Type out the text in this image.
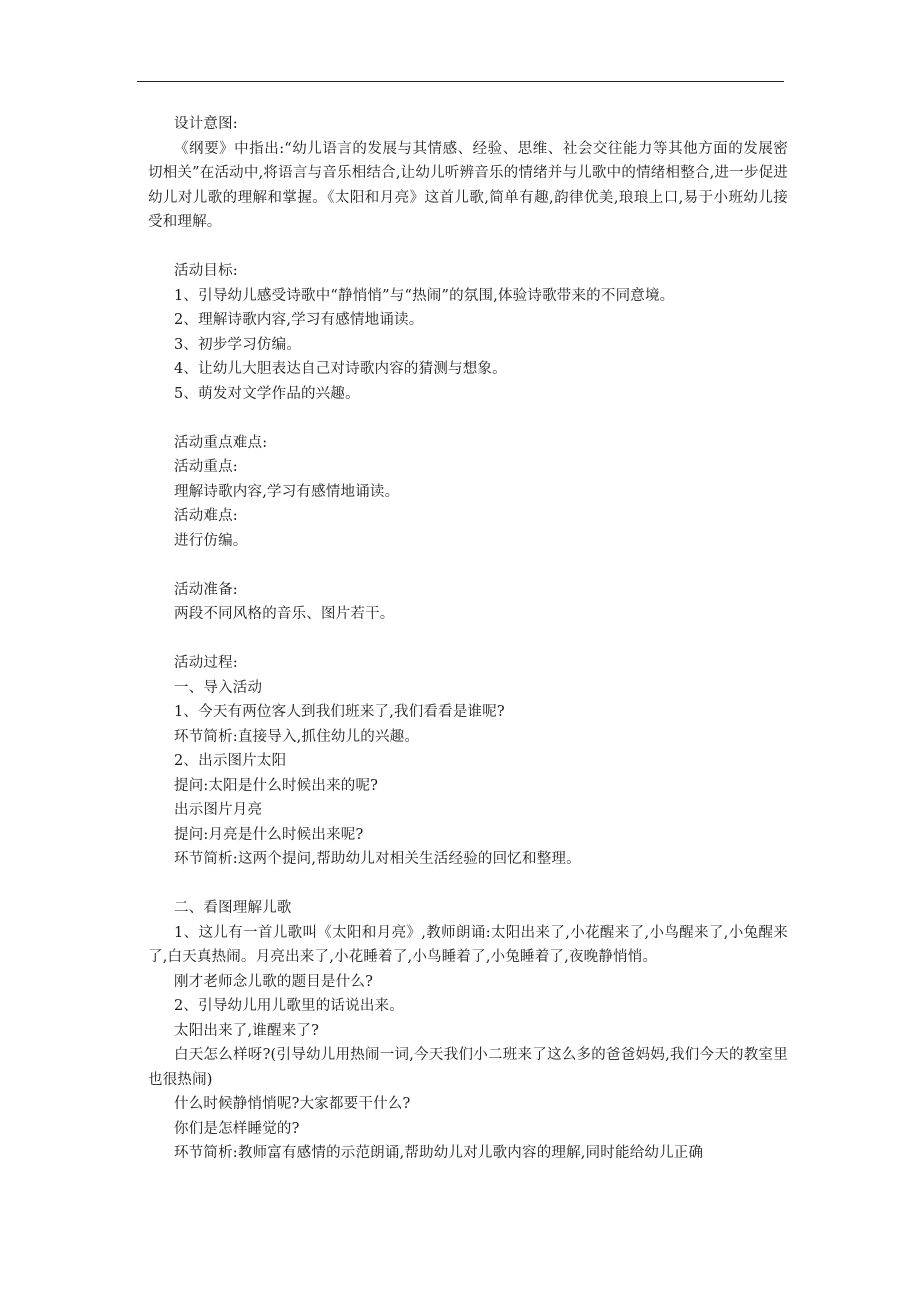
设计意图:
《纲要》中指出:“幼儿语言的发展与其情感、经验、思维、社会交往能力等其他方面的发展密切相关”在活动中,将语言与音乐相结合,让幼儿听辨音乐的情绪并与儿歌中的情绪相整合,进一步促进幼儿对儿歌的理解和掌握。《太阳和月亮》这首儿歌,简单有趣,韵律优美,琅琅上口,易于小班幼儿接受和理解。
活动目标:
1、引导幼儿感受诗歌中“静悄悄”与“热闹”的氛围,体验诗歌带来的不同意境。
2、理解诗歌内容,学习有感情地诵读。
3、初步学习仿编。
4、让幼儿大胆表达自己对诗歌内容的猜测与想象。
5、萌发对文学作品的兴趣。
活动重点难点:
活动重点:
理解诗歌内容,学习有感情地诵读。
活动难点:
进行仿编。
活动准备:
两段不同风格的音乐、图片若干。
活动过程:
一、导入活动
1、今天有两位客人到我们班来了,我们看看是谁呢?
环节简析:直接导入,抓住幼儿的兴趣。
2、出示图片太阳
提问:太阳是什么时候出来的呢?
出示图片月亮
提问:月亮是什么时候出来呢?
环节简析:这两个提问,帮助幼儿对相关生活经验的回忆和整理。
二、看图理解儿歌
1、这儿有一首儿歌叫《太阳和月亮》,教师朗诵:太阳出来了,小花醒来了,小鸟醒来了,小兔醒来了,白天真热闹。月亮出来了,小花睡着了,小鸟睡着了,小兔睡着了,夜晚静悄悄。
刚才老师念儿歌的题目是什么?
2、引导幼儿用儿歌里的话说出来。
太阳出来了,谁醒来了?
白天怎么样呀?(引导幼儿用热闹一词,今天我们小二班来了这么多的爸爸妈妈,我们今天的教室里也很热闹)
什么时候静悄悄呢?大家都要干什么?
你们是怎样睡觉的?
环节简析:教师富有感情的示范朗诵,帮助幼儿对儿歌内容的理解,同时能给幼儿正确
